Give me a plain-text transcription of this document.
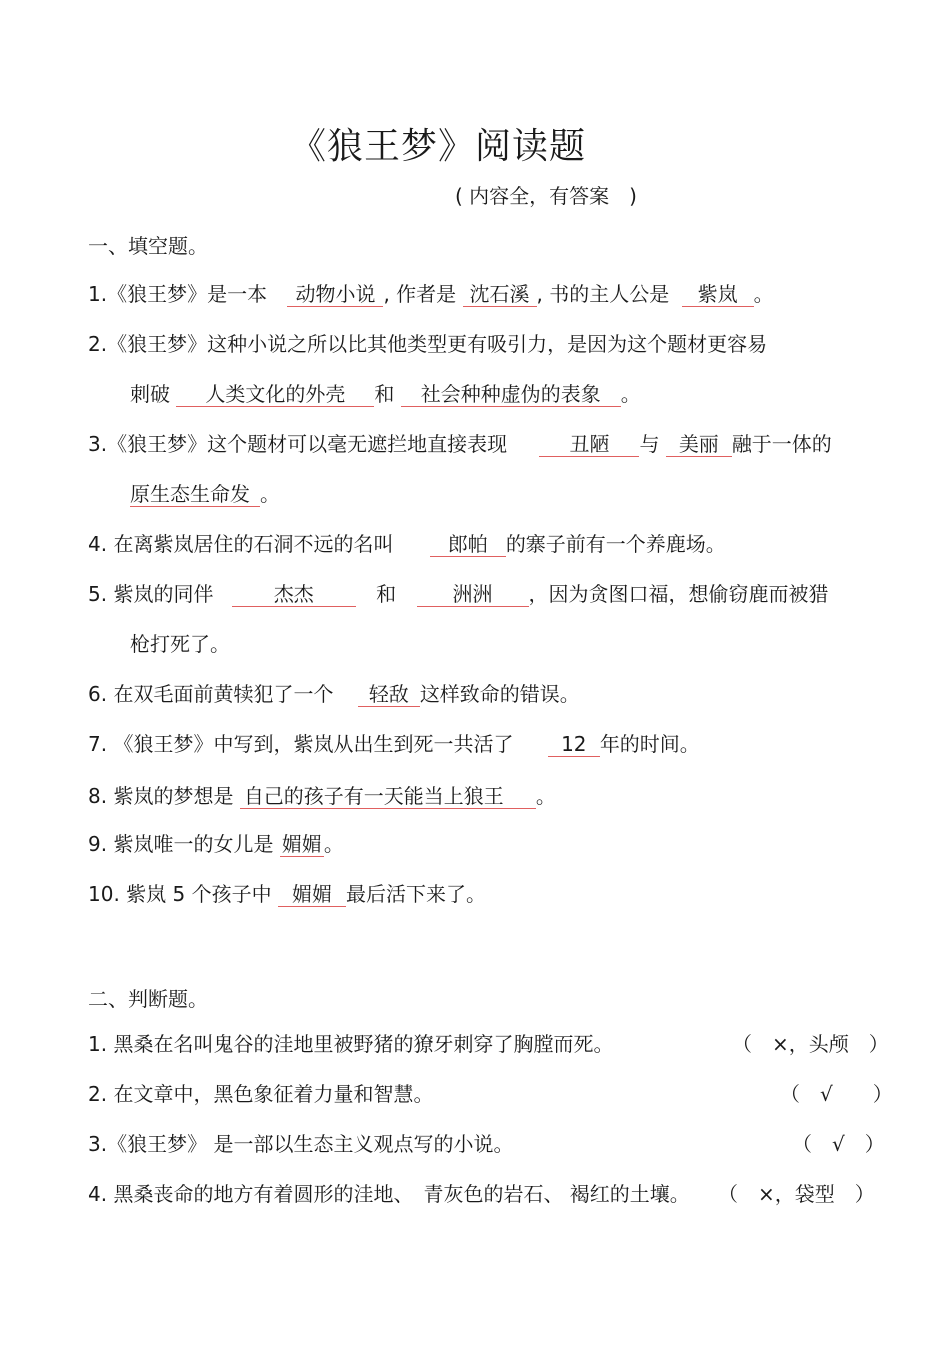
《狼王梦》阅读题
( 内容全，有答案　)
一、填空题。
1.《狼王梦》是一本 动物小说 , 作者是 沈石溪 , 书的主人公是 紫岚 。
2.《狼王梦》这种小说之所以比其他类型更有吸引力，是因为这个题材更容易
刺破 人类文化的外壳 和 社会种种虚伪的表象 。
3.《狼王梦》这个题材可以毫无遮拦地直接表现	丑陋 与 美丽 融于一体的
原生态生命发 。
4. 在离紫岚居住的石洞不远的名叫	郎帕 的寨子前有一个养鹿场。
5. 紫岚的同伴	杰杰	和	洲洲 ，因为贪图口福，想偷窃鹿而被猎
枪打死了。
6. 在双毛面前黄犊犯了一个 轻敌 这样致命的错误。
7. 《狼王梦》中写到，紫岚从出生到死一共活了 12 年的时间。
8. 紫岚的梦想是 自己的孩子有一天能当上狼王 。
9. 紫岚唯一的女儿是 媚媚 。
10. 紫岚 5 个孩子中 媚媚 最后活下来了。
二、判断题。
1. 黑桑在名叫鬼谷的洼地里被野猪的獠牙刺穿了胸膛而死。	（　×，头颅　）
2. 在文章中，黑色象征着力量和智慧。	（　√　　）
3.《狼王梦》 是一部以生态主义观点写的小说。	（　√　）
4. 黑桑丧命的地方有着圆形的洼地、　青灰色的岩石、 褐红的土壤。 （　×，袋型　）
